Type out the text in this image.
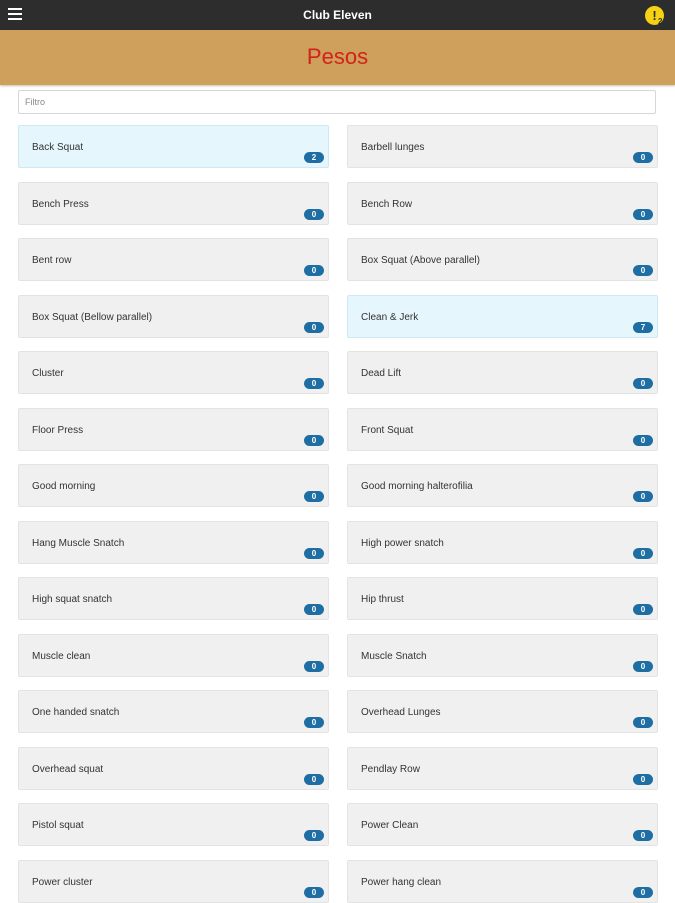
Club Eleven	! 2
Pesos
Filtro
Back Squat
2
Barbell lunges
0
Bench Press
0
Bench Row
0
Bent row
0
Box Squat (Above parallel)
0
Box Squat (Bellow parallel)
0
Clean & Jerk
7
Cluster
0
Dead Lift
0
Floor Press
0
Front Squat
0
Good morning
0
Good morning halterofilia
0
Hang Muscle Snatch
0
High power snatch
0
High squat snatch
0
Hip thrust
0
Muscle clean
0
Muscle Snatch
0
One handed snatch
0
Overhead Lunges
0
Overhead squat
0
Pendlay Row
0
Pistol squat
0
Power Clean
0
Power cluster
0
Power hang clean
0
